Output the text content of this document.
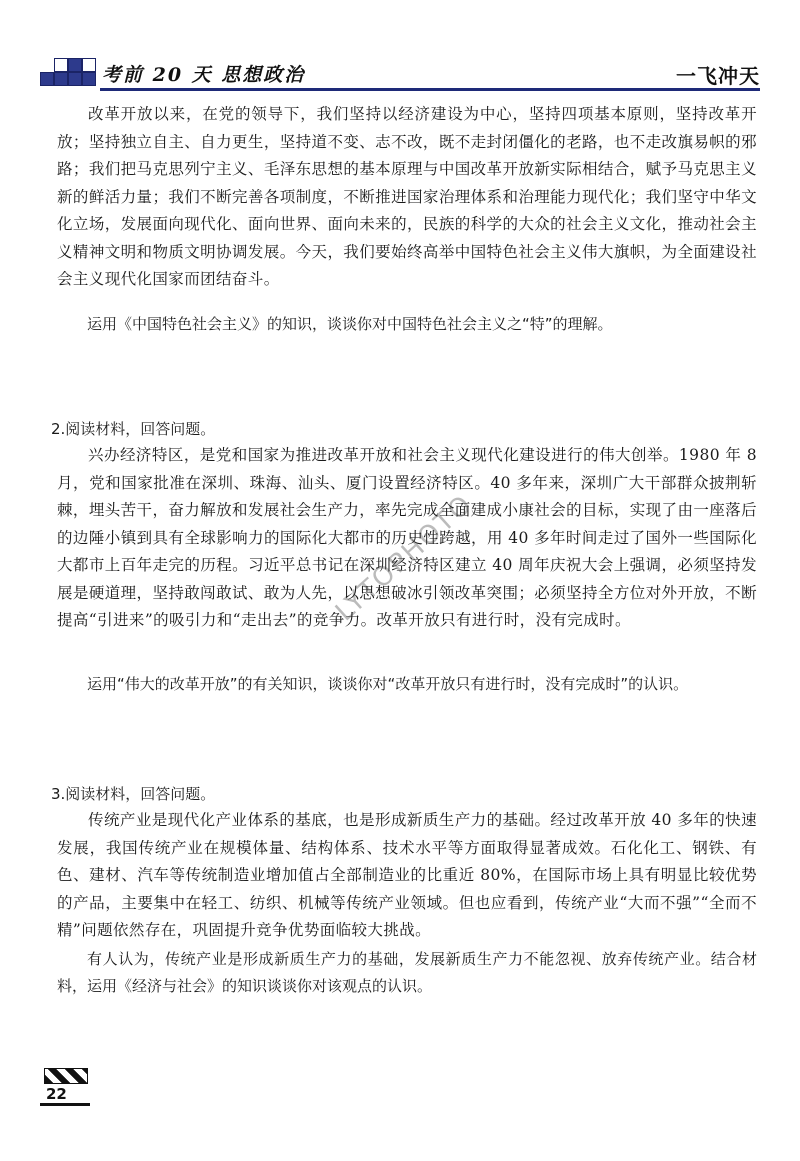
考前 20 天 思想政治	一飞冲天

改革开放以来，在党的领导下，我们坚持以经济建设为中心，坚持四项基本原则，坚持改革开放；坚持独立自主、自力更生，坚持道不变、志不改，既不走封闭僵化的老路，也不走改旗易帜的邪路；我们把马克思列宁主义、毛泽东思想的基本原理与中国改革开放新实际相结合，赋予马克思主义新的鲜活力量；我们不断完善各项制度，不断推进国家治理体系和治理能力现代化；我们坚守中华文化立场，发展面向现代化、面向世界、面向未来的，民族的科学的大众的社会主义文化，推动社会主义精神文明和物质文明协调发展。今天，我们要始终高举中国特色社会主义伟大旗帜，为全面建设社会主义现代化国家而团结奋斗。

运用《中国特色社会主义》的知识，谈谈你对中国特色社会主义之“特”的理解。
2.阅读材料，回答问题。

兴办经济特区，是党和国家为推进改革开放和社会主义现代化建设进行的伟大创举。1980 年 8 月，党和国家批准在深圳、珠海、汕头、厦门设置经济特区。40 多年来，深圳广大干部群众披荆斩棘，埋头苦干，奋力解放和发展社会生产力，率先完成全面建成小康社会的目标，实现了由一座落后的边陲小镇到具有全球影响力的国际化大都市的历史性跨越，用 40 多年时间走过了国外一些国际化大都市上百年走完的历程。习近平总书记在深圳经济特区建立 40 周年庆祝大会上强调，必须坚持发展是硬道理，坚持敢闯敢试、敢为人先，以思想破冰引领改革突围；必须坚持全方位对外开放，不断提高“引进来”的吸引力和“走出去”的竞争力。改革开放只有进行时，没有完成时。

运用“伟大的改革开放”的有关知识，谈谈你对“改革开放只有进行时，没有完成时”的认识。
LYTOPHOTO
3.阅读材料，回答问题。

传统产业是现代化产业体系的基底，也是形成新质生产力的基础。经过改革开放 40 多年的快速发展，我国传统产业在规模体量、结构体系、技术水平等方面取得显著成效。石化化工、钢铁、有色、建材、汽车等传统制造业增加值占全部制造业的比重近 80%，在国际市场上具有明显比较优势的产品，主要集中在轻工、纺织、机械等传统产业领域。但也应看到，传统产业“大而不强”“全而不精”问题依然存在，巩固提升竞争优势面临较大挑战。

有人认为，传统产业是形成新质生产力的基础，发展新质生产力不能忽视、放弃传统产业。结合材料，运用《经济与社会》的知识谈谈你对该观点的认识。
22
